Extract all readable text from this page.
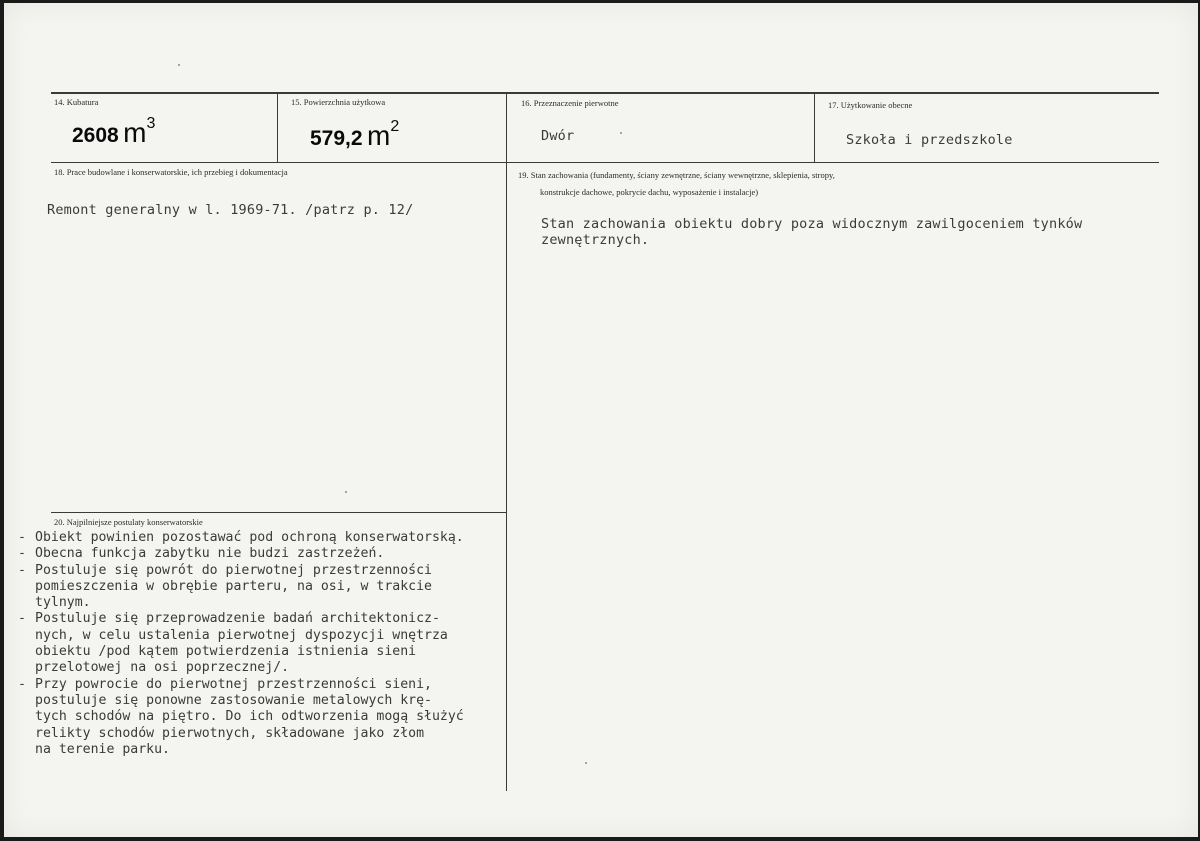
14. Kubatura
2608 m3
15. Powierzchnia użytkowa
579,2 m2
16. Przeznaczenie pierwotne
Dwór
17. Użytkowanie obecne
Szkoła i przedszkole
18. Prace budowlane i konserwatorskie, ich przebieg i dokumentacja
Remont generalny w l. 1969-71. /patrz p. 12/
19. Stan zachowania (fundamenty, ściany zewnętrzne, ściany wewnętrzne, sklepienia, stropy,
konstrukcje dachowe, pokrycie dachu, wyposażenie i instalacje)
Stan zachowania obiektu dobry poza widocznym zawilgoceniem tynków
zewnętrznych.
20. Najpilniejsze postulaty konserwatorskie
- Obiekt powinien pozostawać pod ochroną konserwatorską.
- Obecna funkcja zabytku nie budzi zastrzeżeń.
- Postuluje się powrót do pierwotnej przestrzenności
pomieszczenia w obrębie parteru, na osi, w trakcie
tylnym.
- Postuluje się przeprowadzenie badań architektonicz-
nych, w celu ustalenia pierwotnej dyspozycji wnętrza
obiektu /pod kątem potwierdzenia istnienia sieni
przelotowej na osi poprzecznej/.
- Przy powrocie do pierwotnej przestrzenności sieni,
postuluje się ponowne zastosowanie metalowych krę-
tych schodów na piętro. Do ich odtworzenia mogą służyć
relikty schodów pierwotnych, składowane jako złom
na terenie parku.
